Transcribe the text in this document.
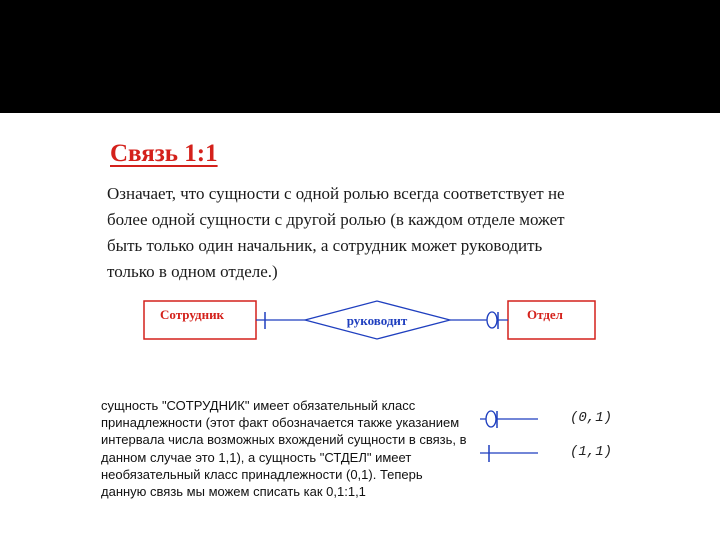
Связь 1:1
Означает, что сущности с одной ролью всегда соответствует не
более одной сущности с другой ролью (в каждом отделе может
быть только один начальник, а сотрудник может руководить
только в одном отделе.)
Сотрудник	Отдел
руководит
сущность "СОТРУДНИК" имеет обязательный класс
принадлежности (этот факт обозначается также указанием
интервала числа возможных вхождений сущности в связь, в
данном случае это 1,1), а сущность "СТДЕЛ" имеет
необязательный класс принадлежности (0,1). Теперь
данную связь мы можем списать как 0,1:1,1
(0,1)
(1,1)
